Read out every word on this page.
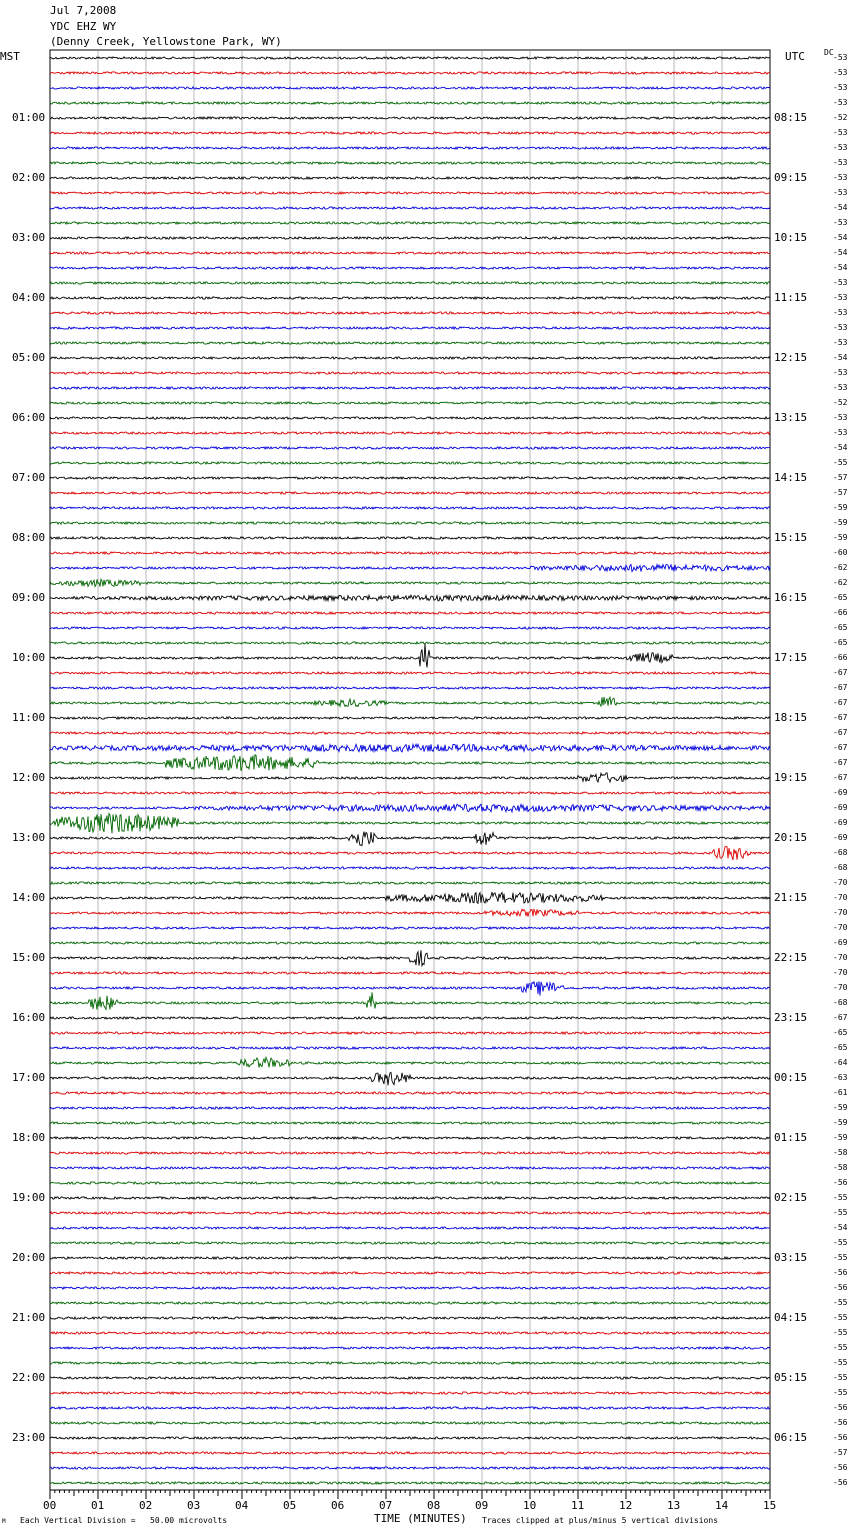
Jul 7,2008
YDC EHZ WY
(Denny Creek, Yellowstone Park, WY)
MST	UTC DC
01:00
02:00
03:00
04:00
05:00
06:00
07:00
08:00
09:00
10:00
11:00
12:00
13:00
14:00
15:00
16:00
17:00
18:00
19:00
20:00
21:00
22:00
23:00
08:15
09:15
10:15
11:15
12:15
13:15
14:15
15:15
16:15
17:15
18:15
19:15
20:15
21:15
22:15
23:15
00:15
01:15
02:15
03:15
04:15
05:15
06:15
-53
-53
-53
-53
-52
-53
-53
-53
-53
-53
-54
-53
-54
-54
-54
-53
-53
-53
-53
-53
-54
-53
-53
-52
-53
-53
-54
-55
-57
-57
-59
-59
-59
-60
-62
-62
-65
-66
-65
-65
-66
-67
-67
-67
-67
-67
-67
-67
-67
-69
-69
-69
-69
-68
-68
-70
-70
-70
-70
-69
-70
-70
-70
-68
-67
-65
-65
-64
-63
-61
-59
-59
-59
-58
-58
-56
-55
-55
-54
-55
-55
-56
-56
-55
-55
-55
-55
-55
-55
-55
-56
-56
-56
-57
-56
-56
00	01	02	03	04	05	06	07	08	09	10	11	12	13	14	15
TIME (MINUTES)
Each Vertical Division =   50.00 microvolts	Traces clipped at plus/minus 5 vertical divisions
M
